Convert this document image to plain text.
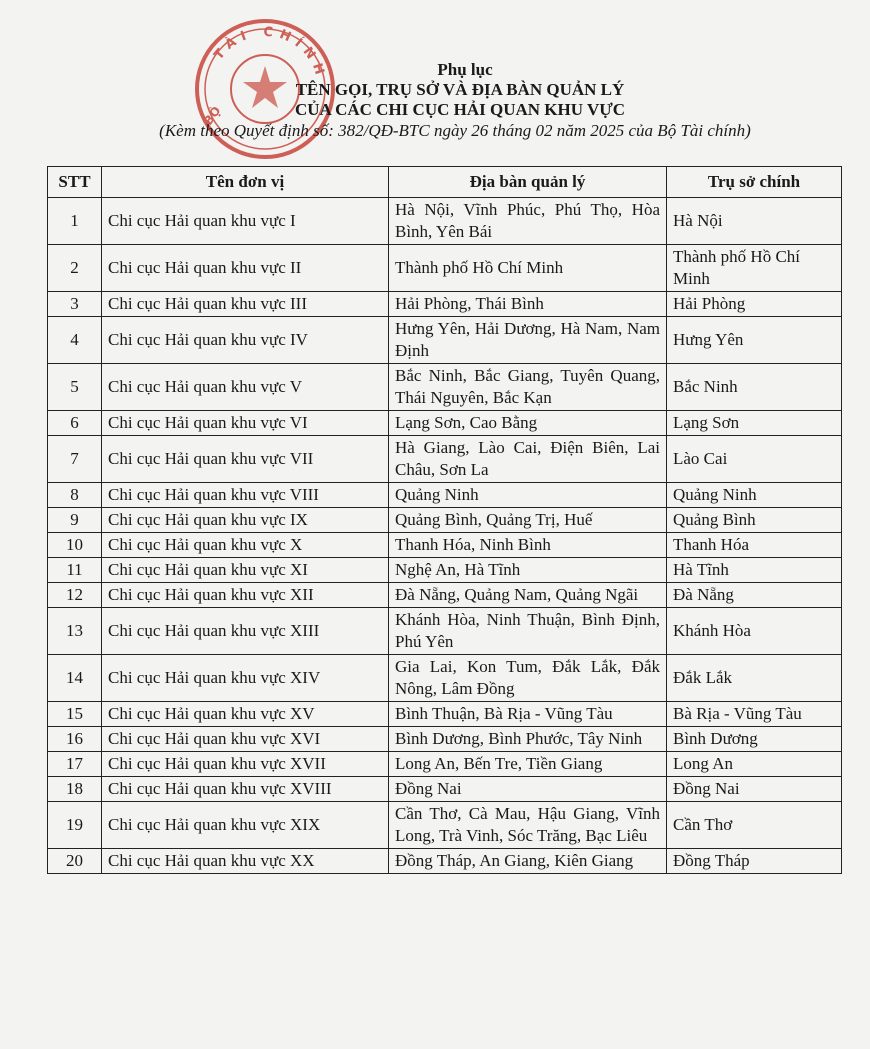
TÀI CHÍNH
BỘ
Phụ lục
TÊN GỌI, TRỤ SỞ VÀ ĐỊA BÀN QUẢN LÝ
CỦA CÁC CHI CỤC HẢI QUAN KHU VỰC
(Kèm theo Quyết định số: 382/QĐ-BTC ngày 26 tháng 02 năm 2025 của Bộ Tài chính)
STT	Tên đơn vị	Địa bàn quản lý	Trụ sở chính
1	Chi cục Hải quan khu vực I	Hà Nội, Vĩnh Phúc, Phú Thọ, Hòa Bình, Yên Bái	Hà Nội
2	Chi cục Hải quan khu vực II	Thành phố Hồ Chí Minh	Thành phố Hồ Chí Minh
3	Chi cục Hải quan khu vực III	Hải Phòng, Thái Bình	Hải Phòng
4	Chi cục Hải quan khu vực IV	Hưng Yên, Hải Dương, Hà Nam, Nam Định	Hưng Yên
5	Chi cục Hải quan khu vực V	Bắc Ninh, Bắc Giang, Tuyên Quang, Thái Nguyên, Bắc Kạn	Bắc Ninh
6	Chi cục Hải quan khu vực VI	Lạng Sơn, Cao Bằng	Lạng Sơn
7	Chi cục Hải quan khu vực VII	Hà Giang, Lào Cai, Điện Biên, Lai Châu, Sơn La	Lào Cai
8	Chi cục Hải quan khu vực VIII	Quảng Ninh	Quảng Ninh
9	Chi cục Hải quan khu vực IX	Quảng Bình, Quảng Trị, Huế	Quảng Bình
10	Chi cục Hải quan khu vực X	Thanh Hóa, Ninh Bình	Thanh Hóa
11	Chi cục Hải quan khu vực XI	Nghệ An, Hà Tĩnh	Hà Tĩnh
12	Chi cục Hải quan khu vực XII	Đà Nẵng, Quảng Nam, Quảng Ngãi	Đà Nẵng
13	Chi cục Hải quan khu vực XIII	Khánh Hòa, Ninh Thuận, Bình Định, Phú Yên	Khánh Hòa
14	Chi cục Hải quan khu vực XIV	Gia Lai, Kon Tum, Đắk Lắk, Đắk Nông, Lâm Đồng	Đắk Lắk
15	Chi cục Hải quan khu vực XV	Bình Thuận, Bà Rịa - Vũng Tàu	Bà Rịa - Vũng Tàu
16	Chi cục Hải quan khu vực XVI	Bình Dương, Bình Phước, Tây Ninh	Bình Dương
17	Chi cục Hải quan khu vực XVII	Long An, Bến Tre, Tiền Giang	Long An
18	Chi cục Hải quan khu vực XVIII	Đồng Nai	Đồng Nai
19	Chi cục Hải quan khu vực XIX	Cần Thơ, Cà Mau, Hậu Giang, Vĩnh Long, Trà Vinh, Sóc Trăng, Bạc Liêu	Cần Thơ
20	Chi cục Hải quan khu vực XX	Đồng Tháp, An Giang, Kiên Giang	Đồng Tháp
